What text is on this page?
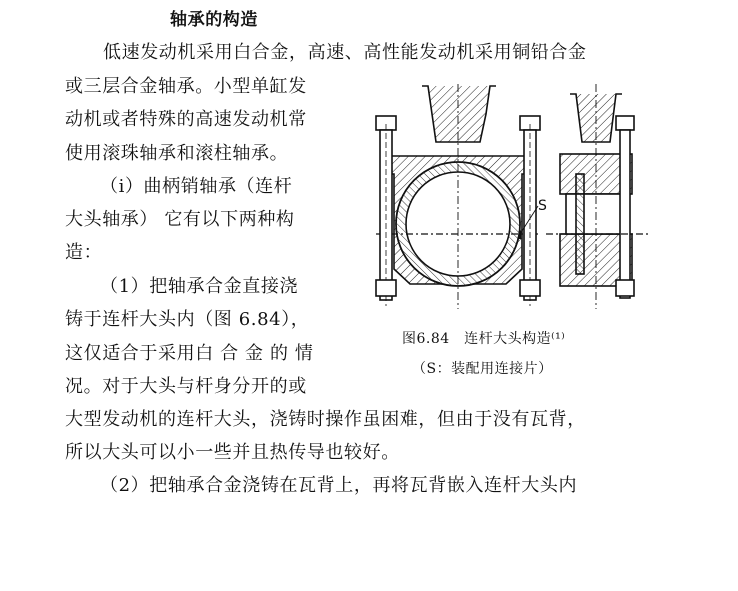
轴承的构造
低速发动机采用白合金，高速、高性能发动机采用铜铅合金
或三层合金轴承。小型单缸发
动机或者特殊的高速发动机常
使用滚珠轴承和滚柱轴承。
（ⅰ）曲柄销轴承（连杆
大头轴承） 它有以下两种构
造：
（1）把轴承合金直接浇
铸于连杆大头内（图 6.84），
这仅适合于采用白 合 金 的 情
况。对于大头与杆身分开的或
大型发动机的连杆大头，浇铸时操作虽困难，但由于没有瓦背，
所以大头可以小一些并且热传导也较好。
（2）把轴承合金浇铸在瓦背上，再将瓦背嵌入连杆大头内
S
图6.84　连杆大头构造⁽¹⁾
（S：装配用连接片）
